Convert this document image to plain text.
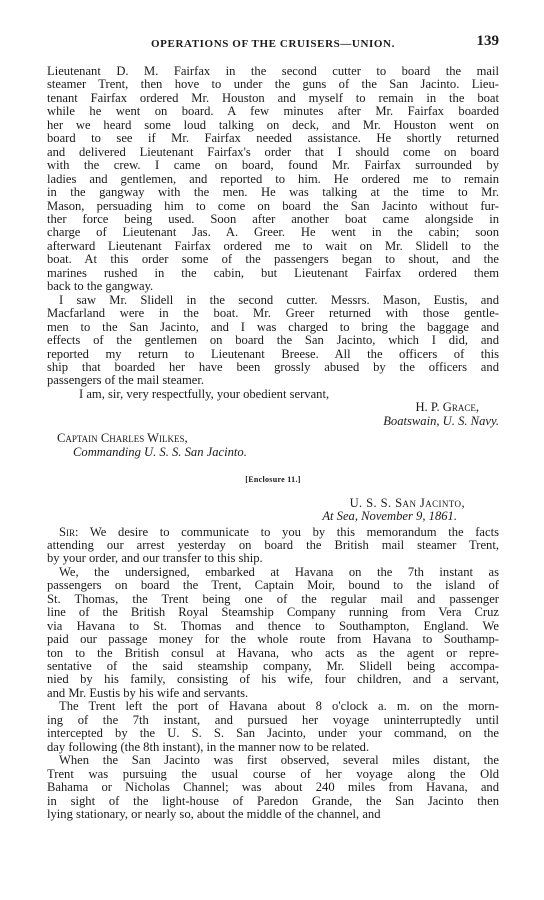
OPERATIONS OF THE CRUISERS—UNION.	139
Lieutenant D. M. Fairfax in the second cutter to board the mail
steamer Trent, then hove to under the guns of the San Jacinto. Lieu-
tenant Fairfax ordered Mr. Houston and myself to remain in the boat
while he went on board. A few minutes after Mr. Fairfax boarded
her we heard some loud talking on deck, and Mr. Houston went on
board to see if Mr. Fairfax needed assistance. He shortly returned
and delivered Lieutenant Fairfax's order that I should come on board
with the crew. I came on board, found Mr. Fairfax surrounded by
ladies and gentlemen, and reported to him. He ordered me to remain
in the gangway with the men. He was talking at the time to Mr.
Mason, persuading him to come on board the San Jacinto without fur-
ther force being used. Soon after another boat came alongside in
charge of Lieutenant Jas. A. Greer. He went in the cabin; soon
afterward Lieutenant Fairfax ordered me to wait on Mr. Slidell to the
boat. At this order some of the passengers began to shout, and the
marines rushed in the cabin, but Lieutenant Fairfax ordered them
back to the gangway.
I saw Mr. Slidell in the second cutter. Messrs. Mason, Eustis, and
Macfarland were in the boat. Mr. Greer returned with those gentle-
men to the San Jacinto, and I was charged to bring the baggage and
effects of the gentlemen on board the San Jacinto, which I did, and
reported my return to Lieutenant Breese. All the officers of this
ship that boarded her have been grossly abused by the officers and
passengers of the mail steamer.

I am, sir, very respectfully, your obedient servant,

H. P. Grace,

Boatswain, U. S. Navy.

Captain Charles Wilkes,

Commanding U. S. S. San Jacinto.

[Enclosure 11.]

U. S. S. San Jacinto,

At Sea, November 9, 1861.

Sir: We desire to communicate to you by this memorandum the facts
attending our arrest yesterday on board the British mail steamer Trent,
by your order, and our transfer to this ship.
We, the undersigned, embarked at Havana on the 7th instant as
passengers on board the Trent, Captain Moir, bound to the island of
St. Thomas, the Trent being one of the regular mail and passenger
line of the British Royal Steamship Company running from Vera Cruz
via Havana to St. Thomas and thence to Southampton, England. We
paid our passage money for the whole route from Havana to Southamp-
ton to the British consul at Havana, who acts as the agent or repre-
sentative of the said steamship company, Mr. Slidell being accompa-
nied by his family, consisting of his wife, four children, and a servant,
and Mr. Eustis by his wife and servants.
The Trent left the port of Havana about 8 o'clock a. m. on the morn-
ing of the 7th instant, and pursued her voyage uninterruptedly until
intercepted by the U. S. S. San Jacinto, under your command, on the
day following (the 8th instant), in the manner now to be related.
When the San Jacinto was first observed, several miles distant, the
Trent was pursuing the usual course of her voyage along the Old
Bahama or Nicholas Channel; was about 240 miles from Havana, and
in sight of the light-house of Paredon Grande, the San Jacinto then
lying stationary, or nearly so, about the middle of the channel, and
